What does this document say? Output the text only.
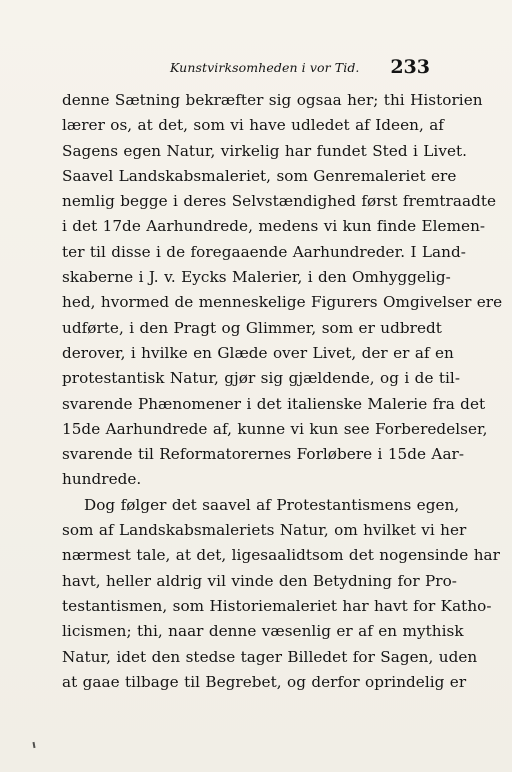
Kunstvirksomheden i vor Tid. 233

denne Sætning bekræfter sig ogsaa her; thi Historien
lærer os, at det, som vi have udledet af Ideen, af
Sagens egen Natur, virkelig har fundet Sted i Livet.
Saavel Landskabsmaleriet, som Genremaleriet ere
nemlig begge i deres Selvstændighed først fremtraadte
i det 17de Aarhundrede, medens vi kun finde Elemen-
ter til disse i de foregaaende Aarhundreder. I Land-
skaberne i J. v. Eycks Malerier, i den Omhyggelig-
hed, hvormed de menneskelige Figurers Omgivelser ere
udførte, i den Pragt og Glimmer, som er udbredt
derover, i hvilke en Glæde over Livet, der er af en
protestantisk Natur, gjør sig gjældende, og i de til-
svarende Phænomener i det italienske Malerie fra det
15de Aarhundrede af, kunne vi kun see Forberedelser,
svarende til Reformatorernes Forløbere i 15de Aar-
hundrede.

Dog følger det saavel af Protestantismens egen,
som af Landskabsmaleriets Natur, om hvilket vi her
nærmest tale, at det, ligesaalidtsom det nogensinde har
havt, heller aldrig vil vinde den Betydning for Pro-
testantismen, som Historiemaleriet har havt for Katho-
licismen; thi, naar denne væsenlig er af en mythisk
Natur, idet den stedse tager Billedet for Sagen, uden
at gaae tilbage til Begrebet, og derfor oprindelig er
